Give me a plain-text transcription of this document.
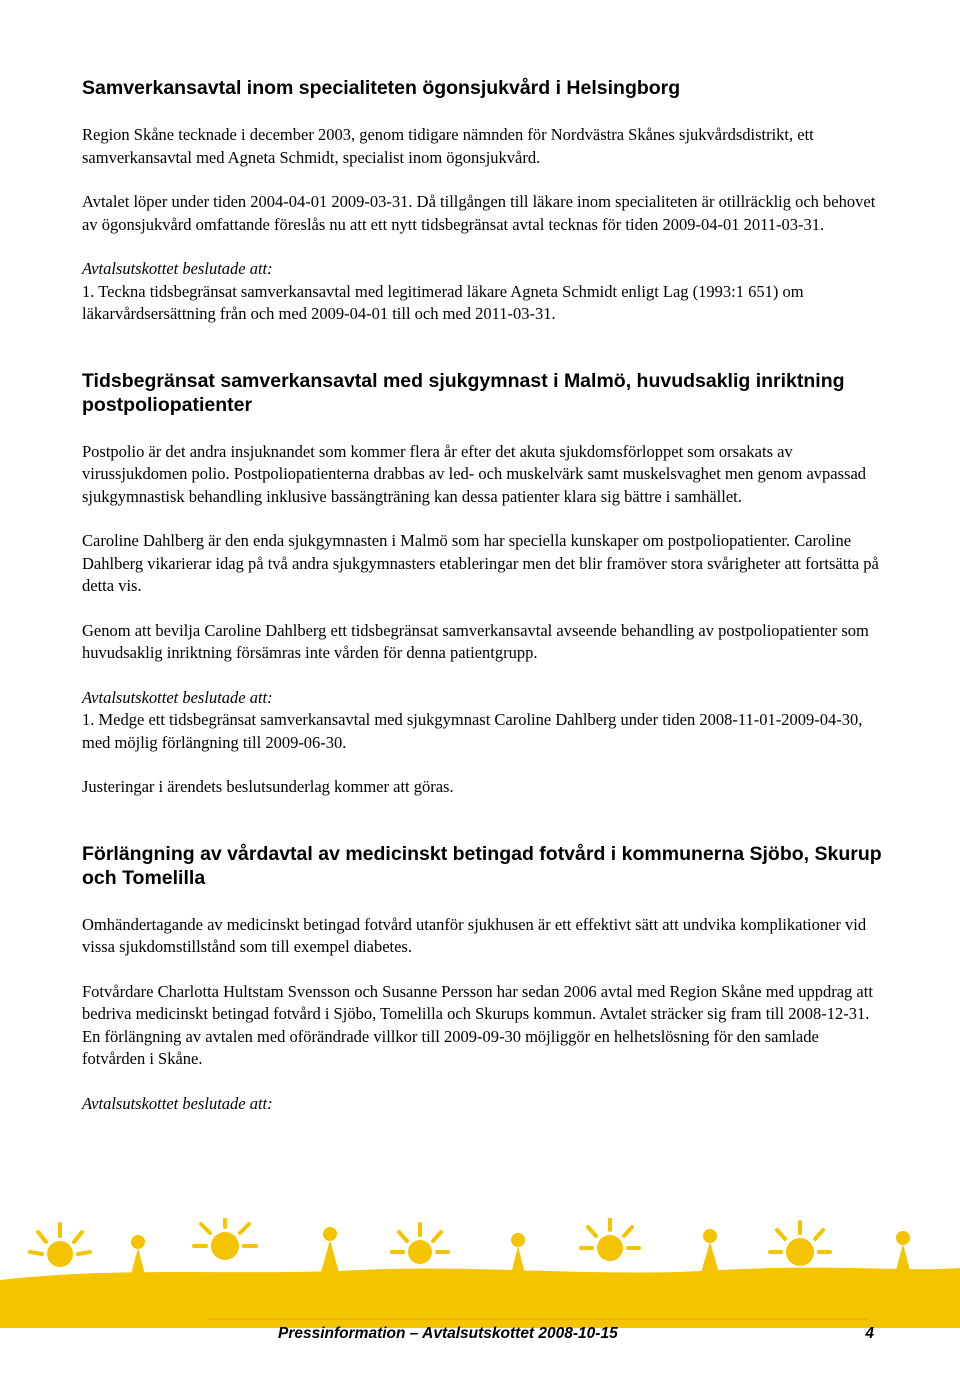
Samverkansavtal inom specialiteten ögonsjukvård i Helsingborg

Region Skåne tecknade i december 2003, genom tidigare nämnden för Nordvästra Skånes sjukvårdsdistrikt, ett samverkansavtal med Agneta Schmidt, specialist inom ögonsjukvård.

Avtalet löper under tiden 2004-04-01 2009-03-31. Då tillgången till läkare inom specialiteten är otillräcklig och behovet av ögonsjukvård omfattande föreslås nu att ett nytt tidsbegränsat avtal tecknas för tiden 2009-04-01 2011-03-31.

Avtalsutskottet beslutade att:

1. Teckna tidsbegränsat samverkansavtal med legitimerad läkare Agneta Schmidt enligt Lag (1993:1 651) om läkarvårdsersättning från och med 2009-04-01 till och med 2011-03-31.

Tidsbegränsat samverkansavtal med sjukgymnast i Malmö, huvudsaklig inriktning postpoliopatienter

Postpolio är det andra insjuknandet som kommer flera år efter det akuta sjukdomsförloppet som orsakats av virussjukdomen polio. Postpoliopatienterna drabbas av led- och muskelvärk samt muskelsvaghet men genom avpassad sjukgymnastisk behandling inklusive bassängträning kan dessa patienter klara sig bättre i samhället.

Caroline Dahlberg är den enda sjukgymnasten i Malmö som har speciella kunskaper om postpoliopatienter. Caroline Dahlberg vikarierar idag på två andra sjukgymnasters etableringar men det blir framöver stora svårigheter att fortsätta på detta vis.

Genom att bevilja Caroline Dahlberg ett tidsbegränsat samverkansavtal avseende behandling av postpoliopatienter som huvudsaklig inriktning försämras inte vården för denna patientgrupp.

Avtalsutskottet beslutade att:

1. Medge ett tidsbegränsat samverkansavtal med sjukgymnast Caroline Dahlberg under tiden 2008-11-01-2009-04-30, med möjlig förlängning till 2009-06-30.

Justeringar i ärendets beslutsunderlag kommer att göras.

Förlängning av vårdavtal av medicinskt betingad fotvård i kommunerna Sjöbo, Skurup och Tomelilla

Omhändertagande av medicinskt betingad fotvård utanför sjukhusen är ett effektivt sätt att undvika komplikationer vid vissa sjukdomstillstånd som till exempel diabetes.

Fotvårdare Charlotta Hultstam Svensson och Susanne Persson har sedan 2006 avtal med Region Skåne med uppdrag att bedriva medicinskt betingad fotvård i Sjöbo, Tomelilla och Skurups kommun. Avtalet sträcker sig fram till 2008-12-31. En förlängning av avtalen med oförändrade villkor till 2009-09-30 möjliggör en helhetslösning för den samlade fotvården i Skåne.

Avtalsutskottet beslutade att:

Pressinformation – Avtalsutskottet 2008-10-15	4
